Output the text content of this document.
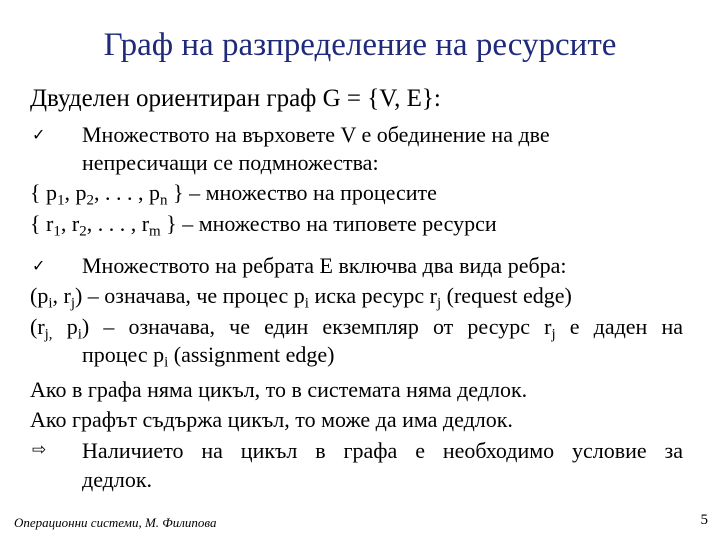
Граф на разпределение на ресурсите
Двуделен ориентиран граф G = {V, E}:
✓ Множеството на върховете V е обединение на две
непресичащи се подмножества:
{ $p_1$, $p_2$, . . . , $p_n$ } – множество на процесите
{ $r_1$, $r_2$, . . . , $r_m$ } – множество на типовете ресурси
✓ Множеството на ребрата E включва два вида ребра:
($p_i$, $r_j$) – означава, че процес $p_i$ иска ресурс $r_j$ (request edge)
($r_{j,}$ $p_i$) – означава, че един екземпляр от ресурс $r_j$ е даден на
процес $p_i$ (assignment edge)
Ако в графа няма цикъл, то в системата няма дедлок.
Ако графът съдържа цикъл, то може да има дедлок.
⇨ Наличието на цикъл в графа е необходимо условие за
дедлок.
Операционни системи, М. Филипова	5
